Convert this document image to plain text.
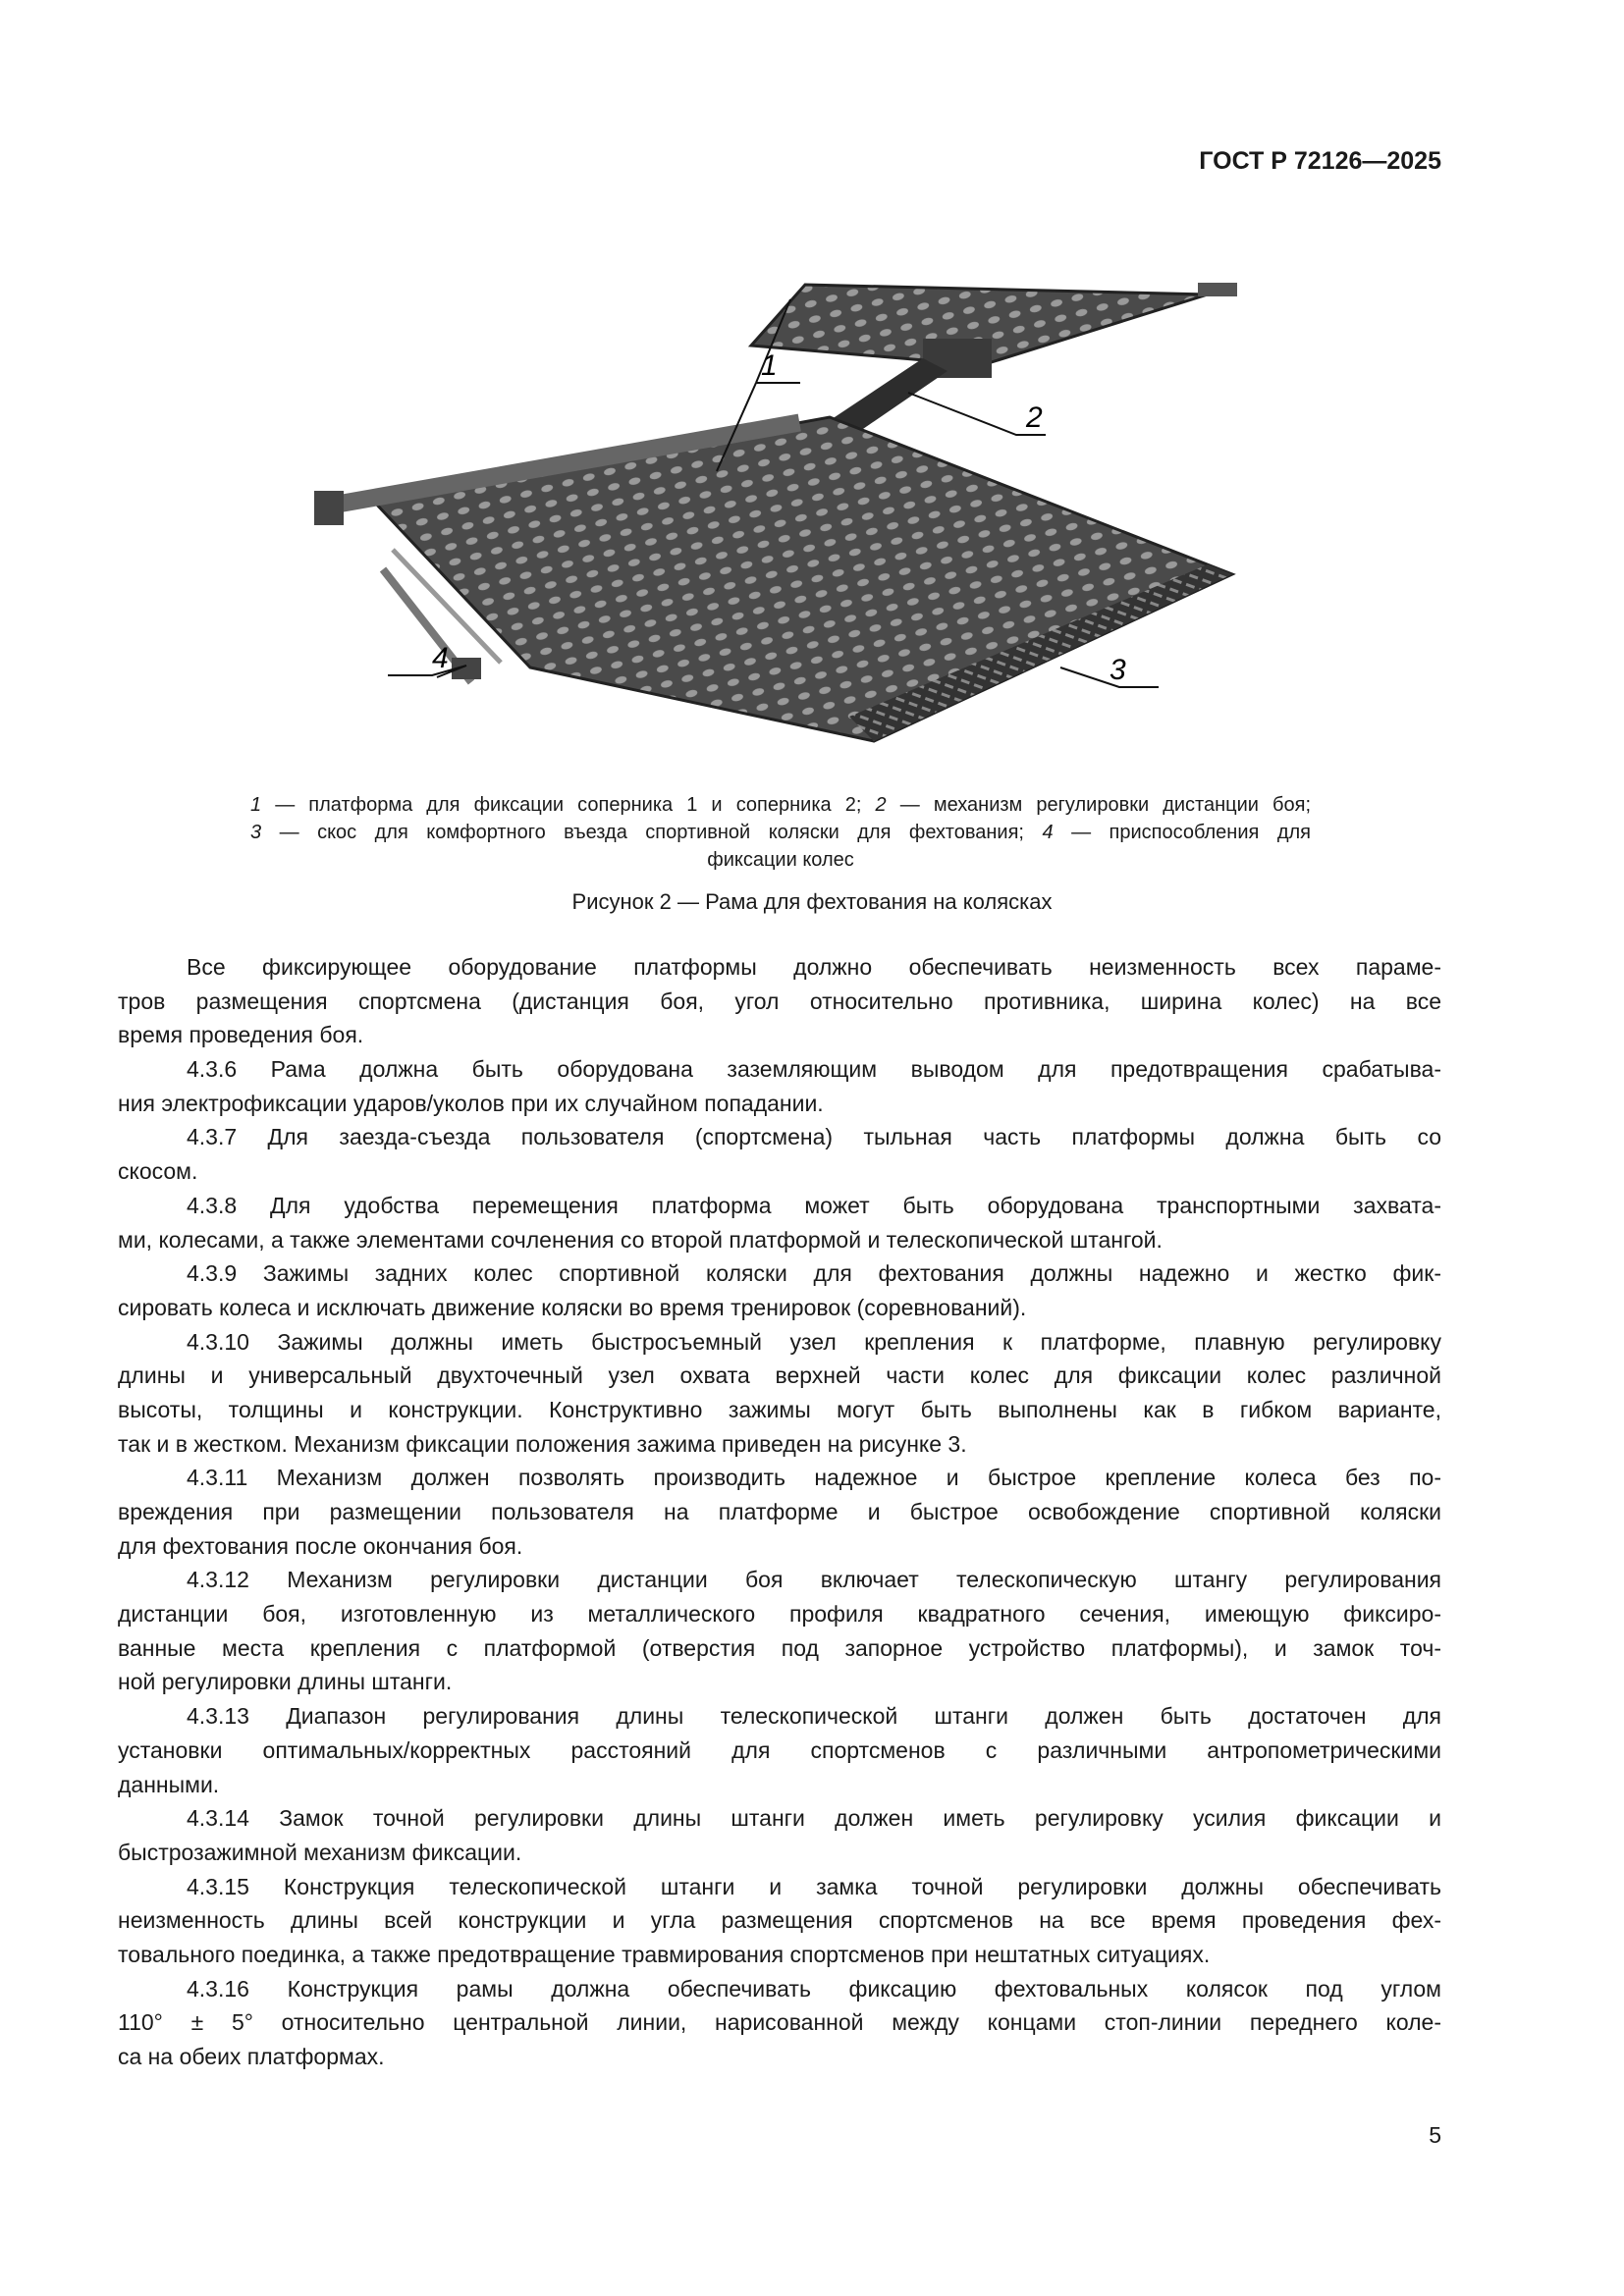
ГОСТ Р 72126—2025
1
2
3
4
1 — платформа для фиксации соперника 1 и соперника 2; 2 — механизм регулировки дистанции боя;
3 — скос для комфортного въезда спортивной коляски для фехтования; 4 — приспособления для
фиксации колес
Рисунок 2 — Рама для фехтования на колясках
Все фиксирующее оборудование платформы должно обеспечивать неизменность всех параме-
тров размещения спортсмена (дистанция боя, угол относительно противника, ширина колес) на все
время проведения боя.
4.3.6 Рама должна быть оборудована заземляющим выводом для предотвращения срабатыва-
ния электрофиксации ударов/уколов при их случайном попадании.
4.3.7 Для заезда-съезда пользователя (спортсмена) тыльная часть платформы должна быть со
скосом.
4.3.8 Для удобства перемещения платформа может быть оборудована транспортными захвата-
ми, колесами, а также элементами сочленения со второй платформой и телескопической штангой.
4.3.9 Зажимы задних колес спортивной коляски для фехтования должны надежно и жестко фик-
сировать колеса и исключать движение коляски во время тренировок (соревнований).
4.3.10 Зажимы должны иметь быстросъемный узел крепления к платформе, плавную регулировку
длины и универсальный двухточечный узел охвата верхней части колес для фиксации колес различной
высоты, толщины и конструкции. Конструктивно зажимы могут быть выполнены как в гибком варианте,
так и в жестком. Механизм фиксации положения зажима приведен на рисунке 3.
4.3.11 Механизм должен позволять производить надежное и быстрое крепление колеса без по-
вреждения при размещении пользователя на платформе и быстрое освобождение спортивной коляски
для фехтования после окончания боя.
4.3.12 Механизм регулировки дистанции боя включает телескопическую штангу регулирования
дистанции боя, изготовленную из металлического профиля квадратного сечения, имеющую фиксиро-
ванные места крепления с платформой (отверстия под запорное устройство платформы), и замок точ-
ной регулировки длины штанги.
4.3.13 Диапазон регулирования длины телескопической штанги должен быть достаточен для
установки оптимальных/корректных расстояний для спортсменов с различными антропометрическими
данными.
4.3.14 Замок точной регулировки длины штанги должен иметь регулировку усилия фиксации и
быстрозажимной механизм фиксации.
4.3.15 Конструкция телескопической штанги и замка точной регулировки должны обеспечивать
неизменность длины всей конструкции и угла размещения спортсменов на все время проведения фех-
товального поединка, а также предотвращение травмирования спортсменов при нештатных ситуациях.
4.3.16 Конструкция рамы должна обеспечивать фиксацию фехтовальных колясок под углом
110° ± 5° относительно центральной линии, нарисованной между концами стоп-линии переднего коле-
са на обеих платформах.
5
